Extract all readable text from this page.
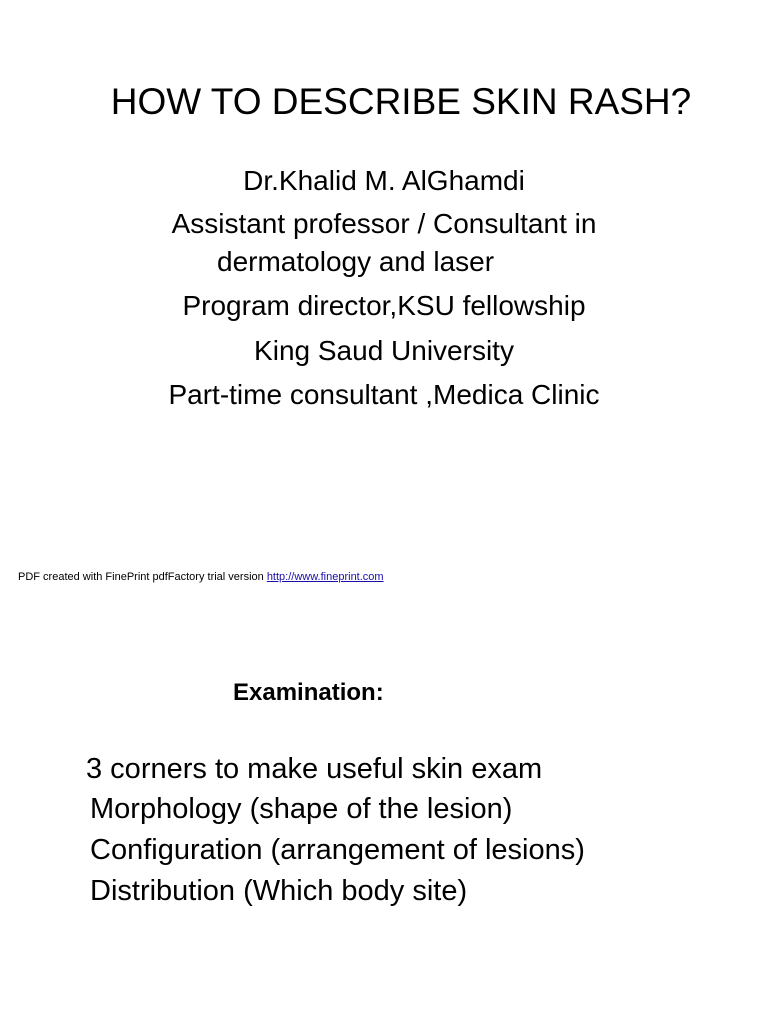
HOW TO DESCRIBE SKIN RASH?
Dr.Khalid M. AlGhamdi
Assistant professor / Consultant in
dermatology and laser
Program director,KSU fellowship
King Saud University
Part-time consultant ,Medica Clinic
PDF created with FinePrint pdfFactory trial version http://www.fineprint.com
Examination:
3 corners to make useful skin exam
Morphology (shape of the lesion)
Configuration (arrangement of lesions)
Distribution (Which body site)
